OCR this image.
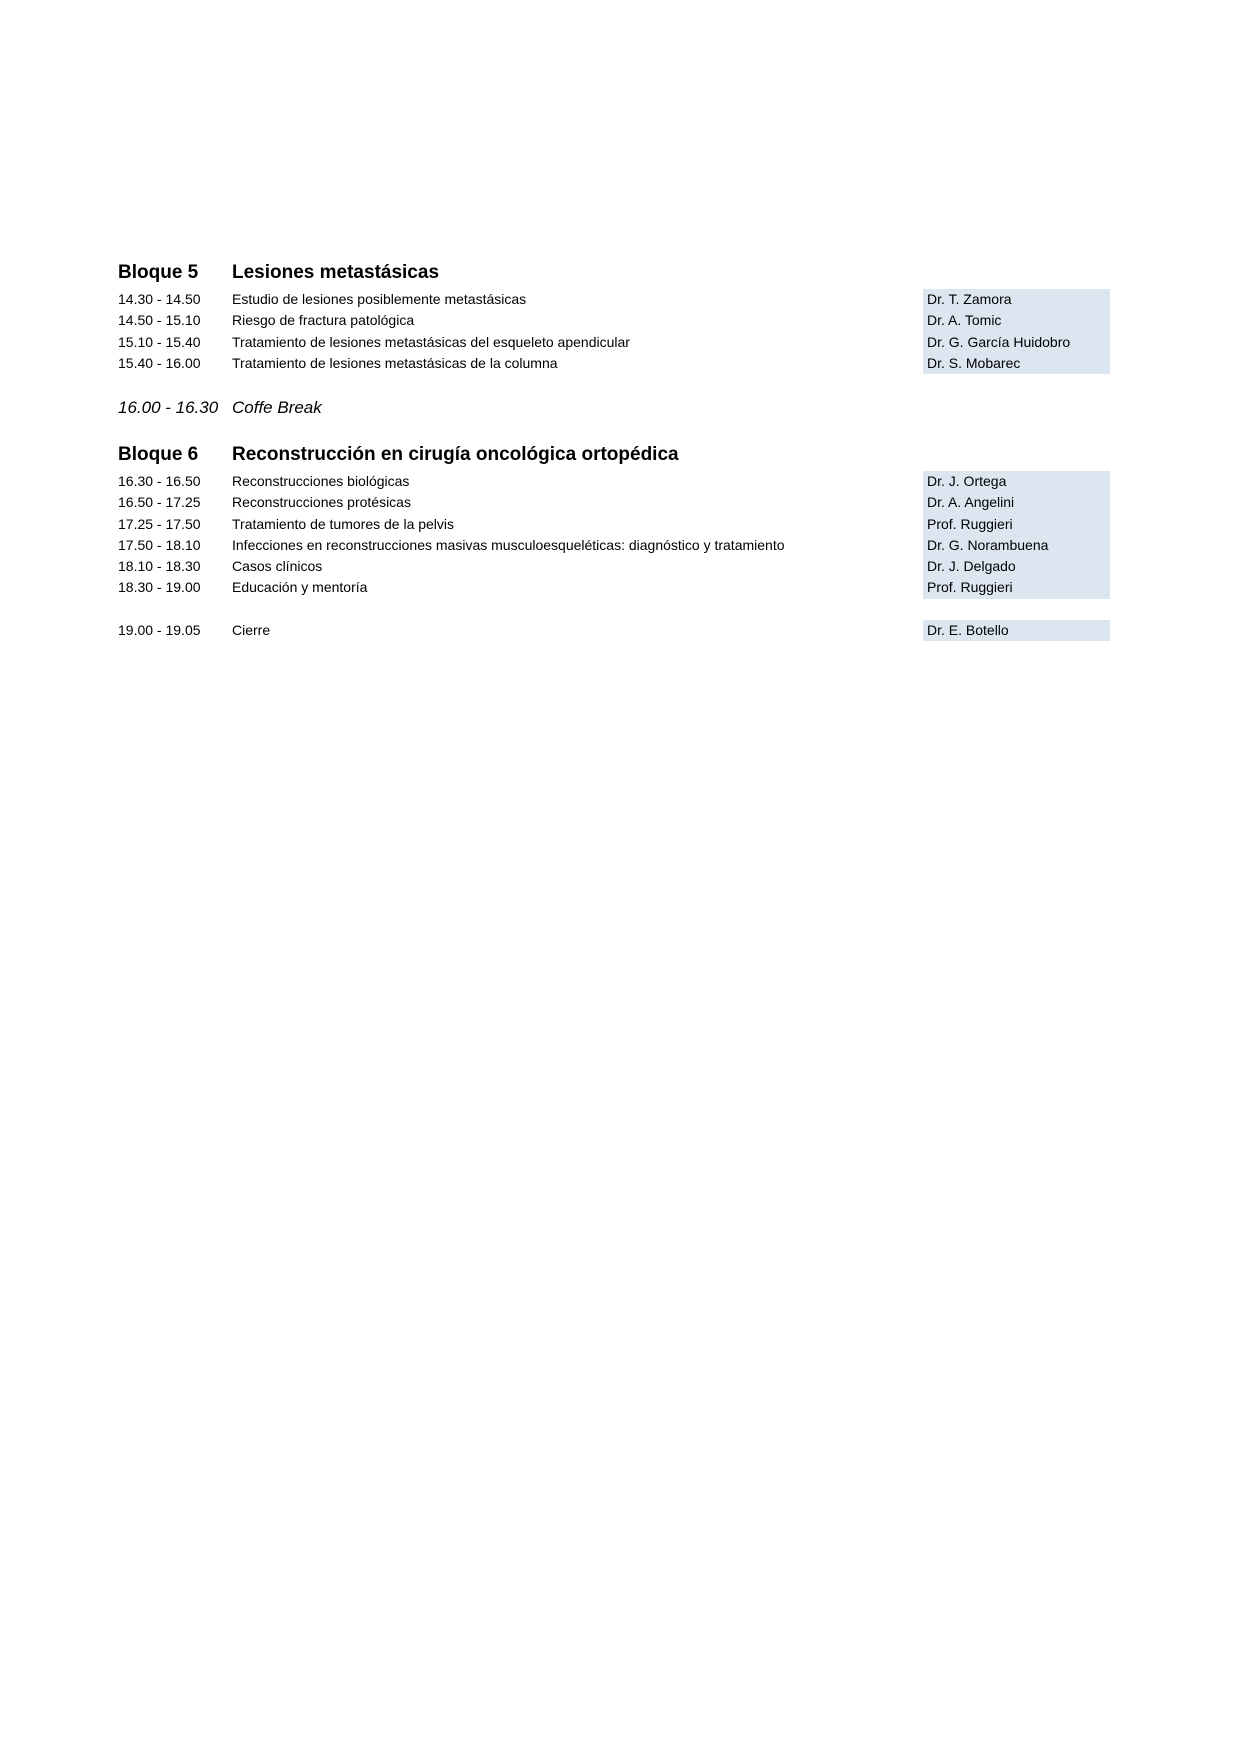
Bloque 5 Lesiones metastásicas
14.30 - 14.50 Estudio de lesiones posiblemente metastásicas	Dr. T. Zamora
14.50 - 15.10 Riesgo de fractura patológica	Dr. A. Tomic
15.10 - 15.40 Tratamiento de lesiones metastásicas del esqueleto apendicular	Dr. G. García Huidobro
15.40 - 16.00 Tratamiento de lesiones metastásicas de la columna	Dr. S. Mobarec
16.00 - 16.30 Coffe Break
Bloque 6 Reconstrucción en cirugía oncológica ortopédica
16.30 - 16.50 Reconstrucciones biológicas	Dr. J. Ortega
16.50 - 17.25 Reconstrucciones protésicas	Dr. A. Angelini
17.25 - 17.50 Tratamiento de tumores de la pelvis	Prof. Ruggieri
17.50 - 18.10 Infecciones en reconstrucciones masivas musculoesqueléticas: diagnóstico y tratamiento	Dr. G. Norambuena
18.10 - 18.30 Casos clínicos	Dr. J. Delgado
18.30 - 19.00 Educación y mentoría	Prof. Ruggieri
19.00 - 19.05 Cierre	Dr. E. Botello
